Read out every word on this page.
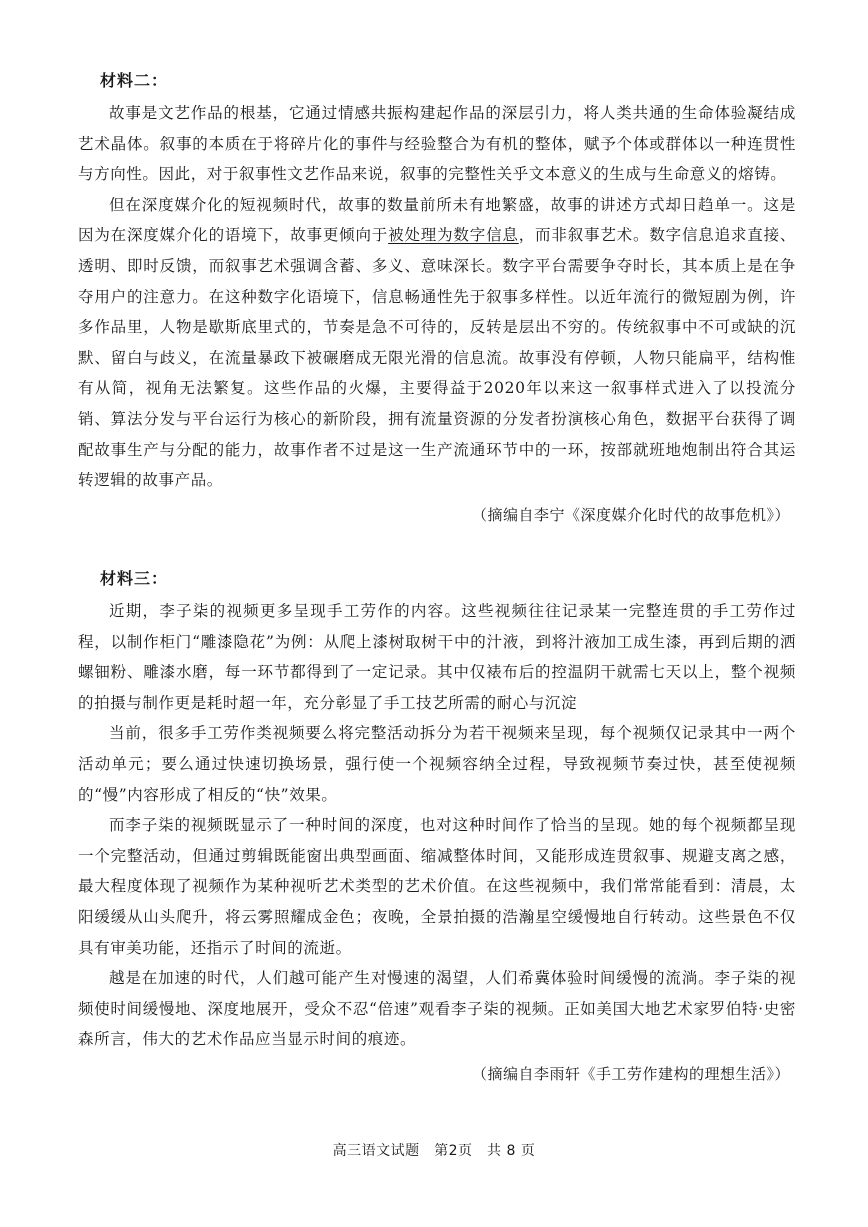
材料二：

故事是文艺作品的根基，它通过情感共振构建起作品的深层引力，将人类共通的生命体验凝结成艺术晶体。叙事的本质在于将碎片化的事件与经验整合为有机的整体，赋予个体或群体以一种连贯性与方向性。因此，对于叙事性文艺作品来说，叙事的完整性关乎文本意义的生成与生命意义的熔铸。

但在深度媒介化的短视频时代，故事的数量前所未有地繁盛，故事的讲述方式却日趋单一。这是因为在深度媒介化的语境下，故事更倾向于被处理为数字信息，而非叙事艺术。数字信息追求直接、透明、即时反馈，而叙事艺术强调含蓄、多义、意味深长。数字平台需要争夺时长，其本质上是在争夺用户的注意力。在这种数字化语境下，信息畅通性先于叙事多样性。以近年流行的微短剧为例，许多作品里，人物是歇斯底里式的，节奏是急不可待的，反转是层出不穷的。传统叙事中不可或缺的沉默、留白与歧义，在流量暴政下被碾磨成无限光滑的信息流。故事没有停顿，人物只能扁平，结构惟有从简，视角无法繁复。这些作品的火爆，主要得益于2020年以来这一叙事样式进入了以投流分销、算法分发与平台运行为核心的新阶段，拥有流量资源的分发者扮演核心角色，数据平台获得了调配故事生产与分配的能力，故事作者不过是这一生产流通环节中的一环，按部就班地炮制出符合其运转逻辑的故事产品。

（摘编自李宁《深度媒介化时代的故事危机》）

材料三：

近期，李子柒的视频更多呈现手工劳作的内容。这些视频往往记录某一完整连贯的手工劳作过程，以制作柜门“雕漆隐花”为例：从爬上漆树取树干中的汁液，到将汁液加工成生漆，再到后期的洒螺钿粉、雕漆水磨，每一环节都得到了一定记录。其中仅裱布后的控温阴干就需七天以上，整个视频的拍摄与制作更是耗时超一年，充分彰显了手工技艺所需的耐心与沉淀

当前，很多手工劳作类视频要么将完整活动拆分为若干视频来呈现，每个视频仅记录其中一两个活动单元；要么通过快速切换场景，强行使一个视频容纳全过程，导致视频节奏过快，甚至使视频的“慢”内容形成了相反的“快”效果。

而李子柒的视频既显示了一种时间的深度，也对这种时间作了恰当的呈现。她的每个视频都呈现一个完整活动，但通过剪辑既能窗出典型画面、缩减整体时间，又能形成连贯叙事、规避支离之感，最大程度体现了视频作为某种视听艺术类型的艺术价值。在这些视频中，我们常常能看到：清晨，太阳缓缓从山头爬升，将云雾照耀成金色；夜晚，全景拍摄的浩瀚星空缓慢地自行转动。这些景色不仅具有审美功能，还指示了时间的流逝。

越是在加速的时代，人们越可能产生对慢速的渴望，人们希冀体验时间缓慢的流淌。李子柒的视频使时间缓慢地、深度地展开，受众不忍“倍速”观看李子柒的视频。正如美国大地艺术家罗伯特·史密森所言，伟大的艺术作品应当显示时间的痕迹。

（摘编自李雨轩《手工劳作建构的理想生活》）

高三语文试题　第2页　共 8 页
